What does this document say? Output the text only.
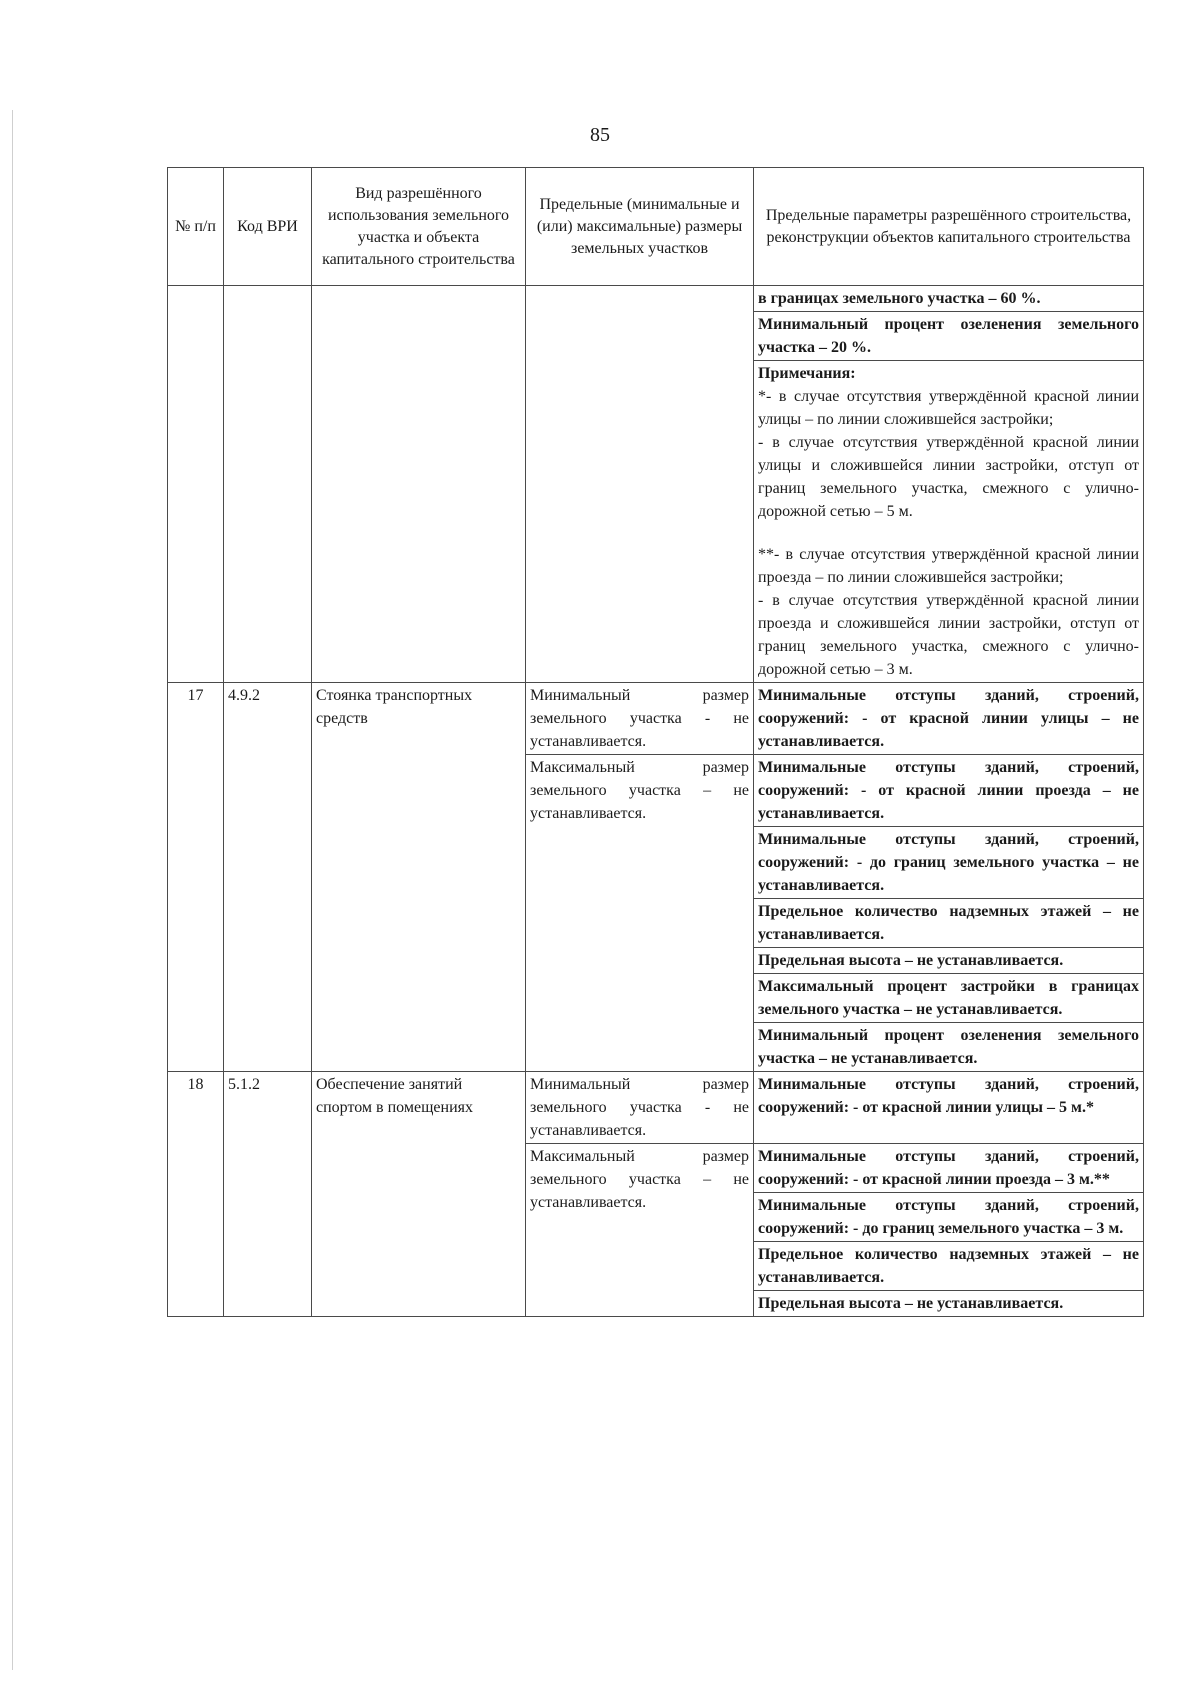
85
№ п/п	Код ВРИ	Вид разрешённого использования земельного участка и объекта капитального строительства	Предельные (минимальные и (или) максимальные) размеры земельных участков	Предельные параметры разрешённого строительства, реконструкции объектов капитального строительства
				в границах земельного участка – 60 %.
				Минимальный процент озеленения земельного участка – 20 %.

				Примечания:
*- в случае отсутствия утверждённой красной линии улицы – по линии сложившейся застройки;
- в случае отсутствия утверждённой красной линии улицы и сложившейся линии застройки, отступ от границ земельного участка, смежного с улично-дорожной сетью – 5 м.
**- в случае отсутствия утверждённой красной линии проезда – по линии сложившейся застройки;
- в случае отсутствия утверждённой красной линии проезда и сложившейся линии застройки, отступ от границ земельного участка, смежного с улично-дорожной сетью – 3 м.

17	4.9.2	Стоянка транспортных средств	Минимальный размер земельного участка - не устанавливается.	Минимальные отступы зданий, строений, сооружений: - от красной линии улицы – не устанавливается.
			Максимальный размер земельного участка – не устанавливается.	Минимальные отступы зданий, строений, сооружений: - от красной линии проезда – не устанавливается.
				Минимальные отступы зданий, строений, сооружений: - до границ земельного участка – не устанавливается.
				Предельное количество надземных этажей – не устанавливается.
				Предельная высота – не устанавливается.
				Максимальный процент застройки в границах земельного участка – не устанавливается.
				Минимальный процент озеленения земельного участка – не устанавливается.
18	5.1.2	Обеспечение занятий спортом в помещениях	Минимальный размер земельного участка - не устанавливается.	Минимальные отступы зданий, строений, сооружений: - от красной линии улицы – 5 м.*
			Максимальный размер земельного участка – не устанавливается.	Минимальные отступы зданий, строений, сооружений: - от красной линии проезда – 3 м.**
				Минимальные отступы зданий, строений, сооружений: - до границ земельного участка – 3 м.
				Предельное количество надземных этажей – не устанавливается.
				Предельная высота – не устанавливается.
